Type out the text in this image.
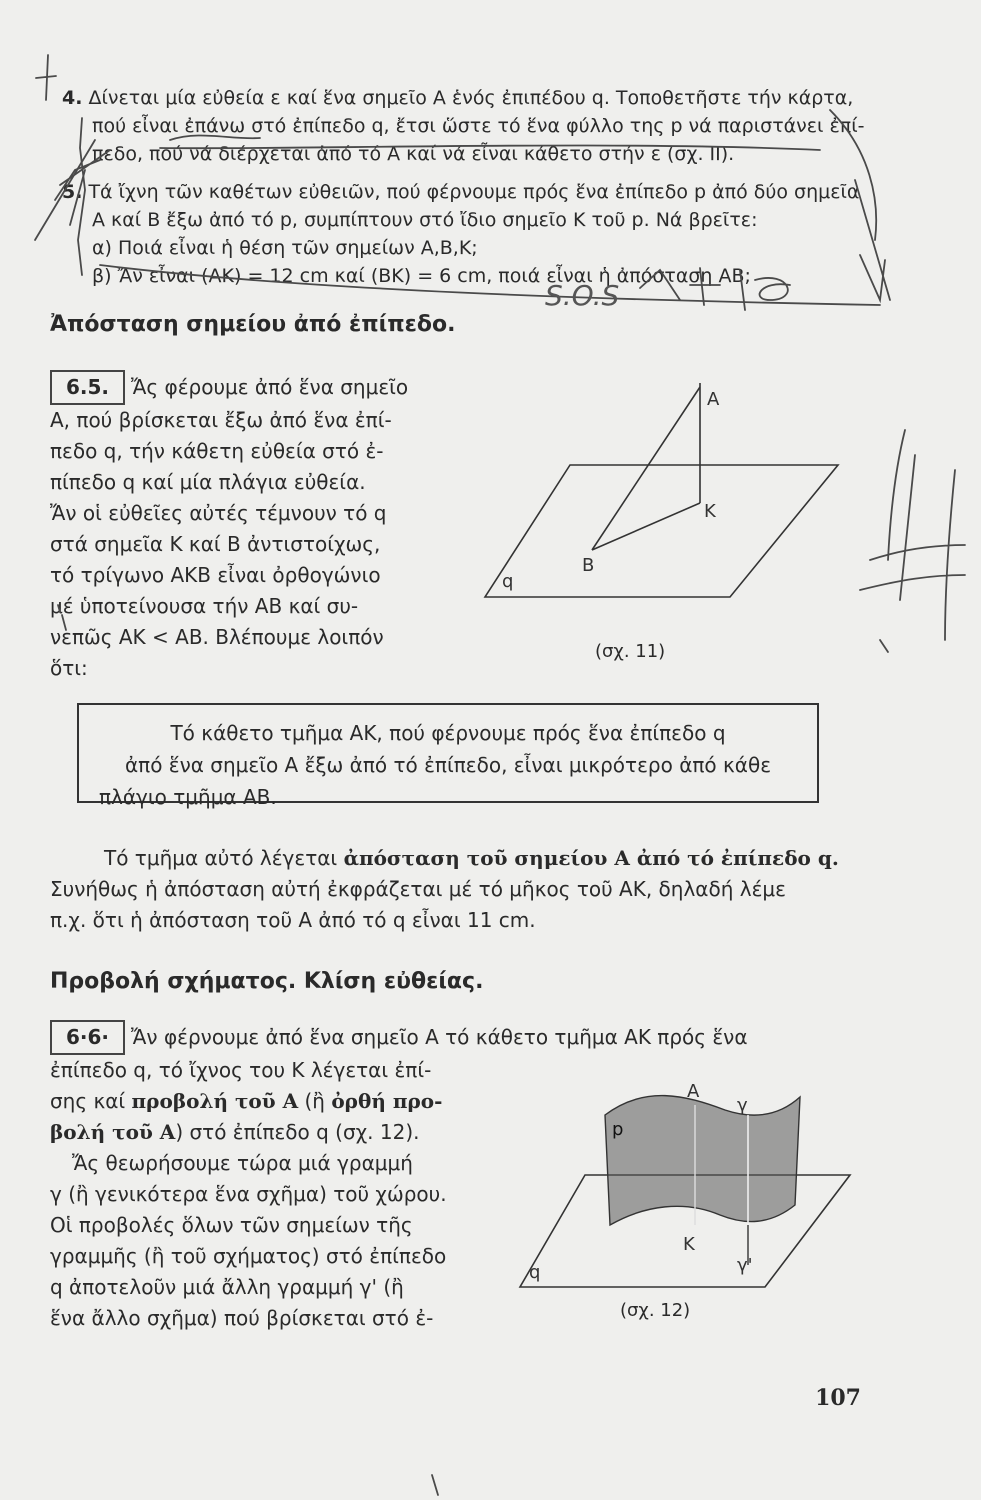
4. Δίνεται μία εὐθεία ε καί ἕνα σημεῖο Α ἑνός ἐπιπέδου q. Τοποθετῆστε τήν κάρτα,
πού εἶναι ἐπάνω στό ἐπίπεδο q, ἔτσι ὥστε τό ἕνα φύλλο της p νά παριστάνει ἐπί-
πεδο, πού νά διέρχεται ἀπό τό Α καί νά εἶναι κάθετο στήν ε (σχ. ΙΙ).
5. Τά ἴχνη τῶν καθέτων εὐθειῶν, πού φέρνουμε πρός ἕνα ἐπίπεδο p ἀπό δύο σημεῖα
Α καί Β ἔξω ἀπό τό p, συμπίπτουν στό ἴδιο σημεῖο Κ τοῦ p. Νά βρεῖτε:
α) Ποιά εἶναι ἡ θέση τῶν σημείων Α,Β,Κ;
β) Ἄν εἶναι (ΑΚ) = 12 cm καί (ΒΚ) = 6 cm, ποιά εἶναι ἡ ἀπόσταση ΑΒ;
Ἀπόσταση σημείου ἀπό ἐπίπεδο.
6.5. Ἄς φέρουμε ἀπό ἕνα σημεῖο
Α, πού βρίσκεται ἔξω ἀπό ἕνα ἐπί-
πεδο q, τήν κάθετη εὐθεία στό ἐ-
πίπεδο q καί μία πλάγια εὐθεία.
Ἄν οἱ εὐθεῖες αὐτές τέμνουν τό q
στά σημεῖα Κ καί Β ἀντιστοίχως,
τό τρίγωνο ΑΚΒ εἶναι ὀρθογώνιο
μέ ὑποτείνουσα τήν ΑΒ καί συ-
νεπῶς ΑΚ < ΑΒ. Βλέπουμε λοιπόν
ὅτι:
A
K
B
q
(σχ. 11)
Τό κάθετο τμῆμα ΑΚ, πού φέρνουμε πρός ἕνα ἐπίπεδο q
ἀπό ἕνα σημεῖο Α ἔξω ἀπό τό ἐπίπεδο, εἶναι μικρότερο ἀπό κάθε
πλάγιο τμῆμα ΑΒ.
Τό τμῆμα αὐτό λέγεται ἀπόσταση τοῦ σημείου Α ἀπό τό ἐπίπεδο q.
Συνήθως ἡ ἀπόσταση αὐτή ἐκφράζεται μέ τό μῆκος τοῦ ΑΚ, δηλαδή λέμε
π.χ. ὅτι ἡ ἀπόσταση τοῦ Α ἀπό τό q εἶναι 11 cm.
Προβολή σχήματος. Κλίση εὐθείας.
6·6· Ἄν φέρνουμε ἀπό ἕνα σημεῖο Α τό κάθετο τμῆμα ΑΚ πρός ἕνα
ἐπίπεδο q, τό ἴχνος του Κ λέγεται ἐπί-
σης καί προβολή τοῦ Α (ἢ ὀρθή προ-
βολή τοῦ Α) στό ἐπίπεδο q (σχ. 12).
Ἄς θεωρήσουμε τώρα μιά γραμμή
γ (ἢ γενικότερα ἕνα σχῆμα) τοῦ χώρου.
Οἱ προβολές ὅλων τῶν σημείων τῆς
γραμμῆς (ἢ τοῦ σχήματος) στό ἐπίπεδο
q ἀποτελοῦν μιά ἄλλη γραμμή γ' (ἢ
ἕνα ἄλλο σχῆμα) πού βρίσκεται στό ἐ-
A
γ
p
K
γ'
q
(σχ. 12)
107
S.O.S
